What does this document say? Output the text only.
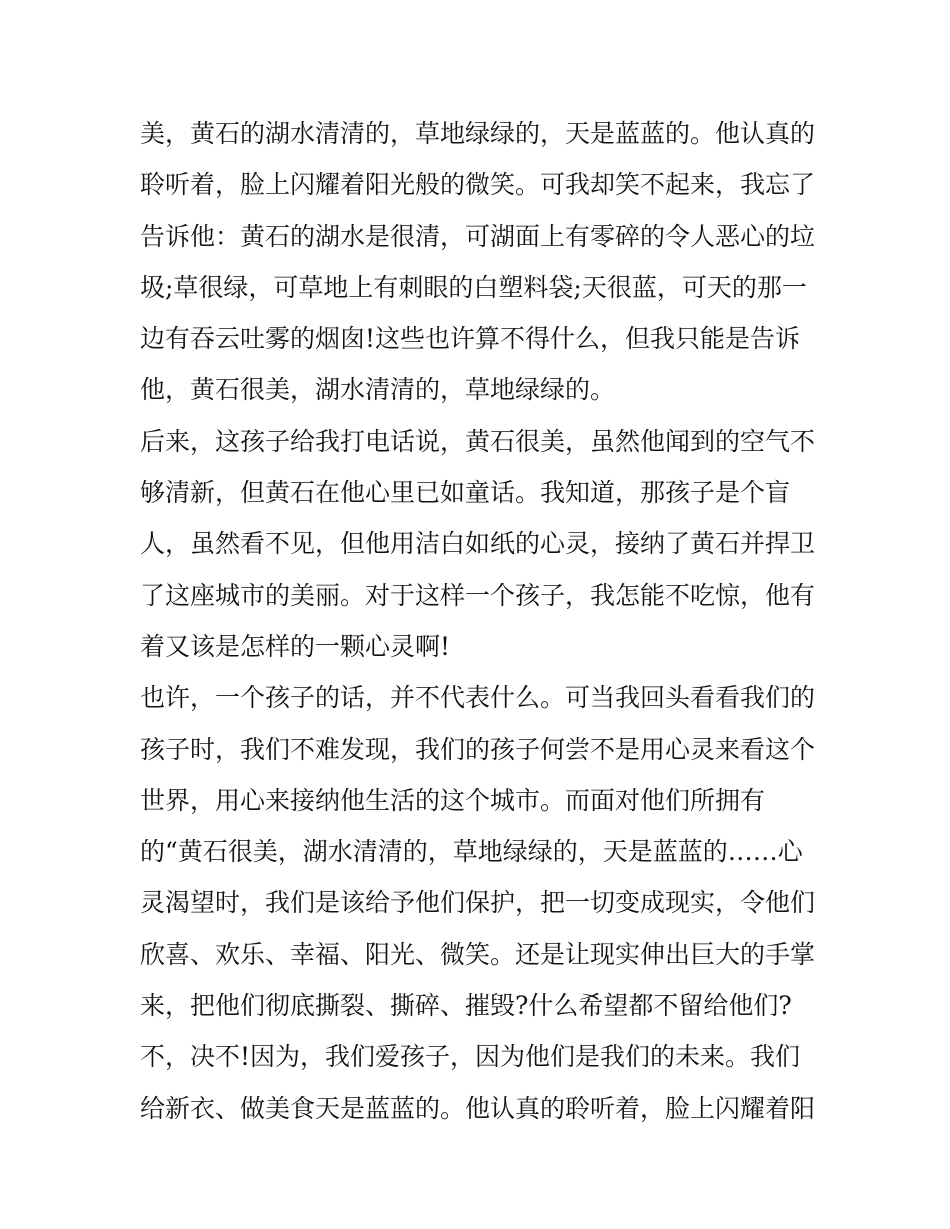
美，黄石的湖水清清的，草地绿绿的，天是蓝蓝的。他认真的
聆听着，脸上闪耀着阳光般的微笑。可我却笑不起来，我忘了
告诉他：黄石的湖水是很清，可湖面上有零碎的令人恶心的垃
圾;草很绿，可草地上有刺眼的白塑料袋;天很蓝，可天的那一
边有吞云吐雾的烟囱!这些也许算不得什么，但我只能是告诉
他，黄石很美，湖水清清的，草地绿绿的。
后来，这孩子给我打电话说，黄石很美，虽然他闻到的空气不
够清新，但黄石在他心里已如童话。我知道，那孩子是个盲
人，虽然看不见，但他用洁白如纸的心灵，接纳了黄石并捍卫
了这座城市的美丽。对于这样一个孩子，我怎能不吃惊，他有
着又该是怎样的一颗心灵啊!
也许，一个孩子的话，并不代表什么。可当我回头看看我们的
孩子时，我们不难发现，我们的孩子何尝不是用心灵来看这个
世界，用心来接纳他生活的这个城市。而面对他们所拥有
的“黄石很美，湖水清清的，草地绿绿的，天是蓝蓝的……心
灵渴望时，我们是该给予他们保护，把一切变成现实，令他们
欣喜、欢乐、幸福、阳光、微笑。还是让现实伸出巨大的手掌
来，把他们彻底撕裂、撕碎、摧毁?什么希望都不留给他们?
不，决不!因为，我们爱孩子，因为他们是我们的未来。我们
给新衣、做美食天是蓝蓝的。他认真的聆听着，脸上闪耀着阳
